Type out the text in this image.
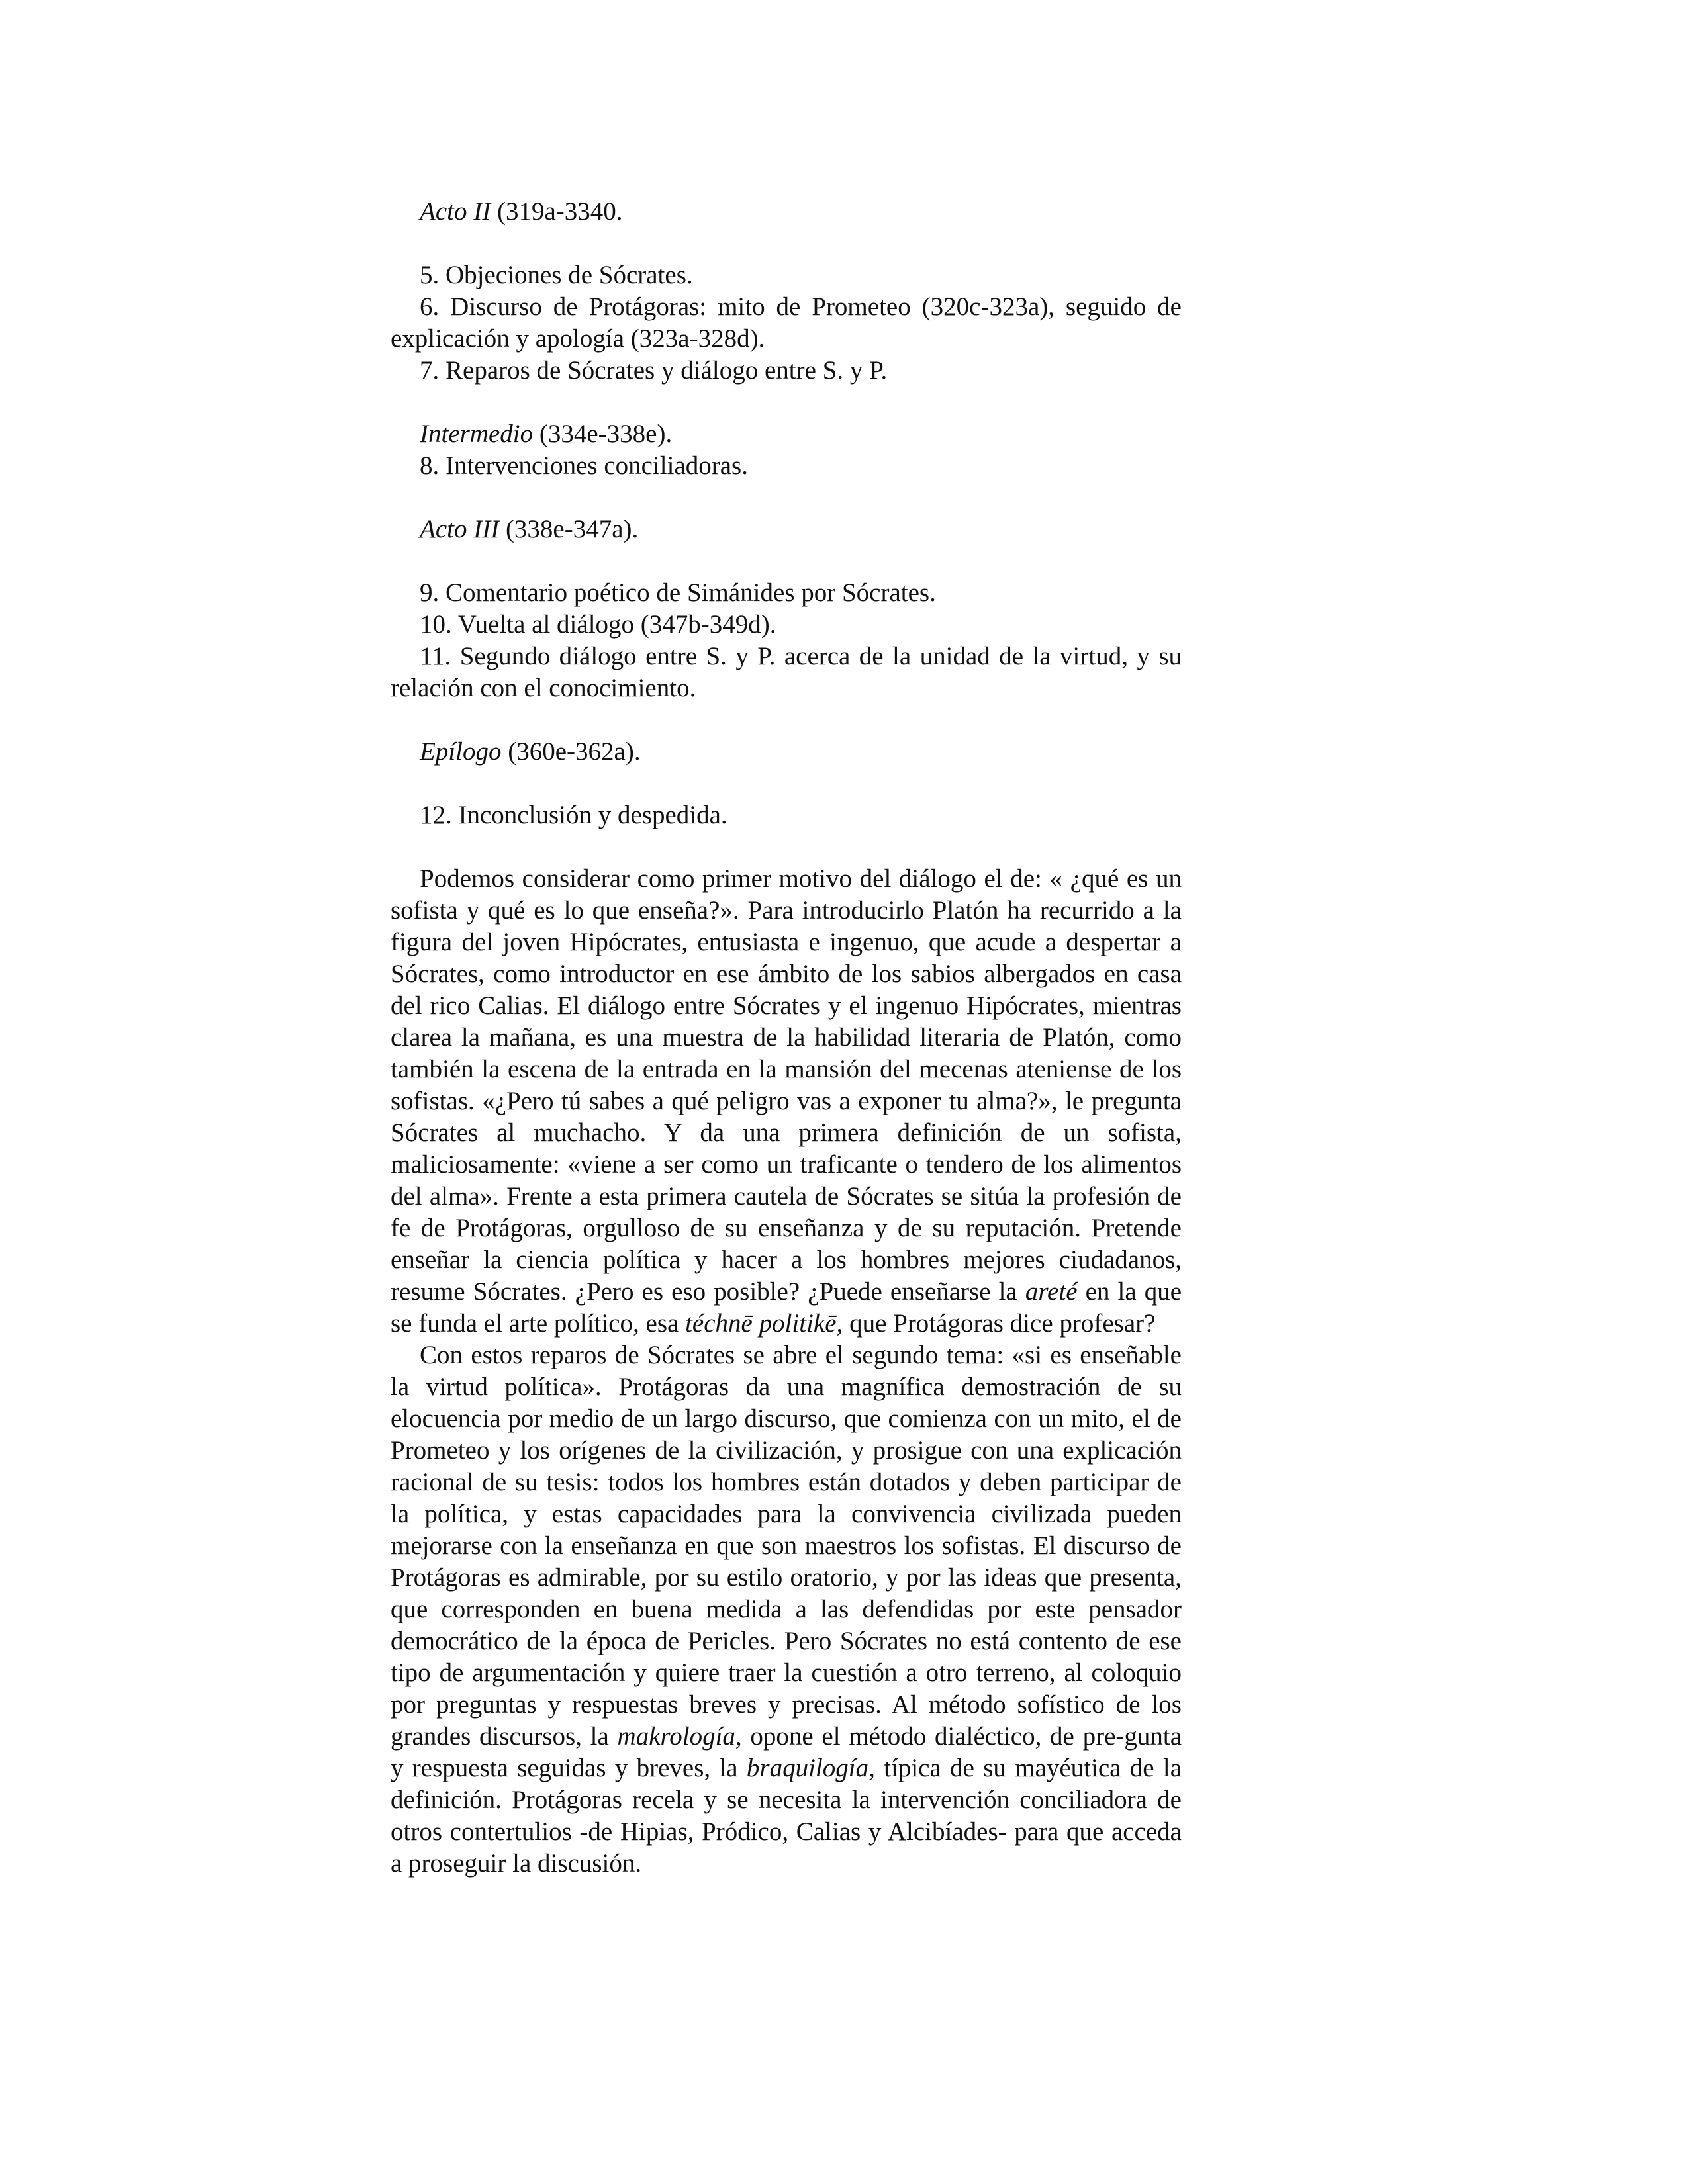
Acto II (319a-3340.

5. Objeciones de Sócrates.

6. Discurso de Protágoras: mito de Prometeo (320c-323a), seguido de explicación y apología (323a-328d).

7. Reparos de Sócrates y diálogo entre S. y P.

Intermedio (334e-338e).

8. Intervenciones conciliadoras.

Acto III (338e-347a).

9. Comentario poético de Simánides por Sócrates.

10. Vuelta al diálogo (347b-349d).

11. Segundo diálogo entre S. y P. acerca de la unidad de la virtud, y su relación con el conocimiento.

Epílogo (360e-362a).

12. Inconclusión y despedida.

Podemos considerar como primer motivo del diálogo el de: « ¿qué es un sofista y qué es lo que enseña?». Para introducirlo Platón ha recurrido a la figura del joven Hipócrates, entusiasta e ingenuo, que acude a despertar a Sócrates, como introductor en ese ámbito de los sabios albergados en casa del rico Calias. El diálogo entre Sócrates y el ingenuo Hipócrates, mientras clarea la mañana, es una muestra de la habilidad literaria de Platón, como también la escena de la entrada en la mansión del mecenas ateniense de los sofistas. «¿Pero tú sabes a qué peligro vas a exponer tu alma?», le pregunta Sócrates al muchacho. Y da una primera definición de un sofista, maliciosamente: «viene a ser como un traficante o tendero de los alimentos del alma». Frente a esta primera cautela de Sócrates se sitúa la profesión de fe de Protágoras, orgulloso de su enseñanza y de su reputación. Pretende enseñar la ciencia política y hacer a los hombres mejores ciudadanos, resume Sócrates. ¿Pero es eso posible? ¿Puede enseñarse la areté en la que se funda el arte político, esa téchnē politikē, que Protágoras dice profesar?

Con estos reparos de Sócrates se abre el segundo tema: «si es enseñable la virtud política». Protágoras da una magnífica demostración de su elocuencia por medio de un largo discurso, que comienza con un mito, el de Prometeo y los orígenes de la civilización, y prosigue con una explicación racional de su tesis: todos los hombres están dotados y deben participar de la política, y estas capacidades para la convivencia civilizada pueden mejorarse con la enseñanza en que son maestros los sofistas. El discurso de Protágoras es admirable, por su estilo oratorio, y por las ideas que presenta, que corresponden en buena medida a las defendidas por este pensador democrático de la época de Pericles. Pero Sócrates no está contento de ese tipo de argumentación y quiere traer la cuestión a otro terreno, al coloquio por preguntas y respuestas breves y precisas. Al método sofístico de los grandes discursos, la makrología, opone el método dialéctico, de pre-gunta y respuesta seguidas y breves, la braquilogía, típica de su mayéutica de la definición. Protágoras recela y se necesita la intervención conciliadora de otros contertulios -de Hipias, Pródico, Calias y Alcibíades- para que acceda a proseguir la discusión.
